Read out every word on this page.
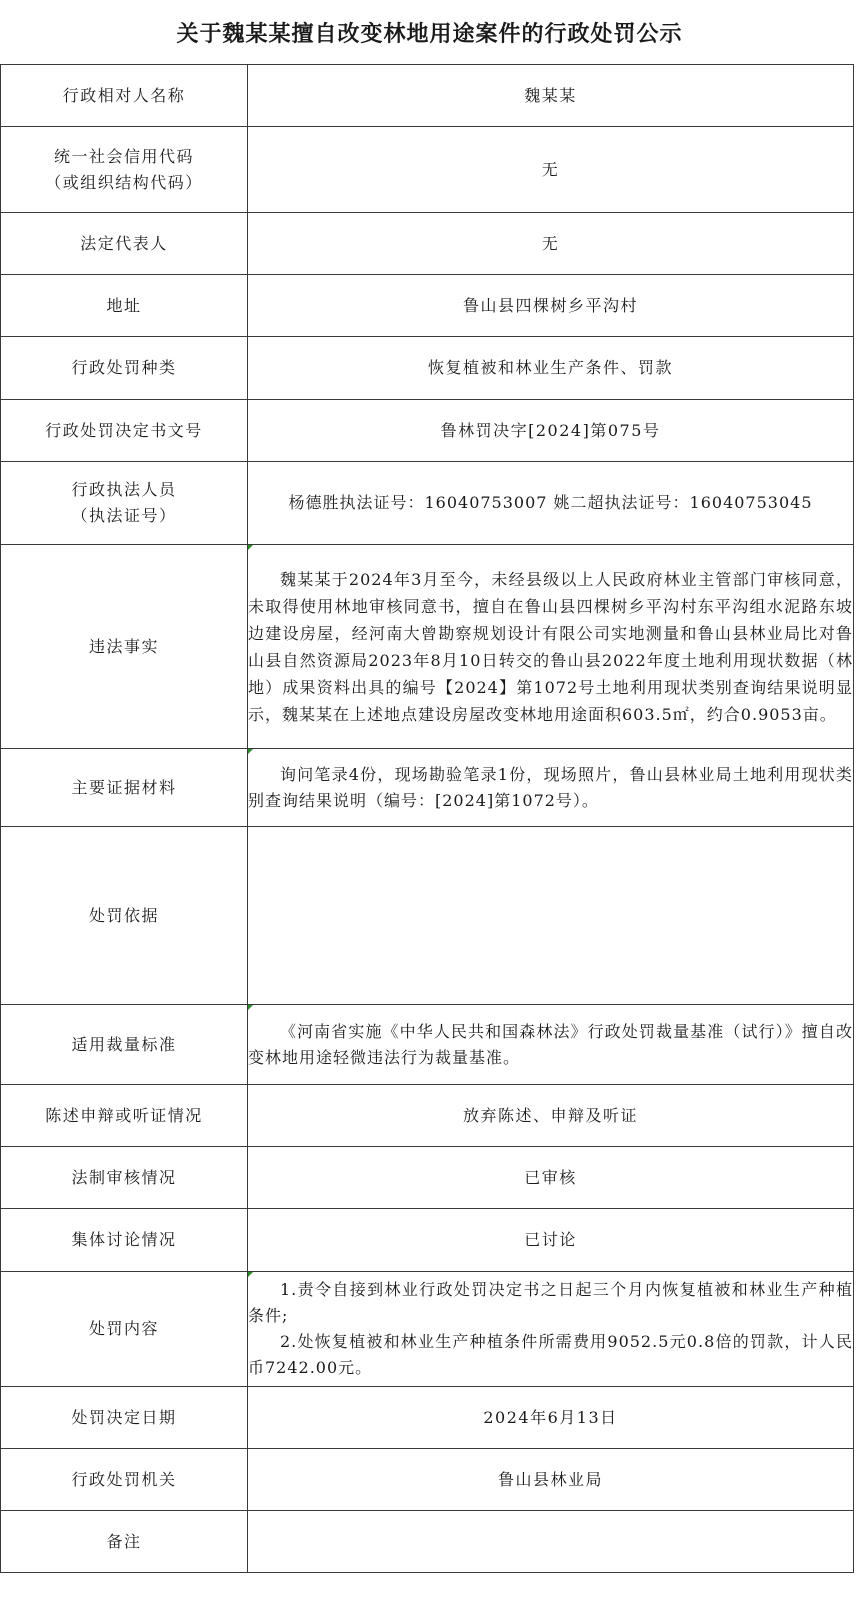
关于魏某某擅自改变林地用途案件的行政处罚公示
行政相对人名称	魏某某

统一社会信用代码
（或组织结构代码）	无
法定代表人	无
地址	鲁山县四棵树乡平沟村
行政处罚种类	恢复植被和林业生产条件、罚款
行政处罚决定书文号	鲁林罚决字[2024]第075号

行政执法人员
（执法证号）	杨德胜执法证号：16040753007 姚二超执法证号：16040753045
违法事实	魏某某于2024年3月至今，未经县级以上人民政府林业主管部门审核同意，未取得使用林地审核同意书，擅自在鲁山县四棵树乡平沟村东平沟组水泥路东坡边建设房屋，经河南大曾勘察规划设计有限公司实地测量和鲁山县林业局比对鲁山县自然资源局2023年8月10日转交的鲁山县2022年度土地利用现状数据（林地）成果资料出具的编号【2024】第1072号土地利用现状类别查询结果说明显示，魏某某在上述地点建设房屋改变林地用途面积603.5㎡，约合0.9053亩。

主要证据材料	询问笔录4份，现场勘验笔录1份，现场照片，鲁山县林业局土地利用现状类别查询结果说明（编号：[2024]第1072号）。

处罚依据	
适用裁量标准	《河南省实施《中华人民共和国森林法》行政处罚裁量基准（试行）》擅自改变林地用途轻微违法行为裁量基准。

陈述申辩或听证情况	放弃陈述、申辩及听证
法制审核情况	已审核
集体讨论情况	已讨论
处罚内容	1.责令自接到林业行政处罚决定书之日起三个月内恢复植被和林业生产种植条件;
2.处恢复植被和林业生产种植条件所需费用9052.5元0.8倍的罚款，计人民币7242.00元。

处罚决定日期	2024年6月13日
行政处罚机关	鲁山县林业局
备注	
